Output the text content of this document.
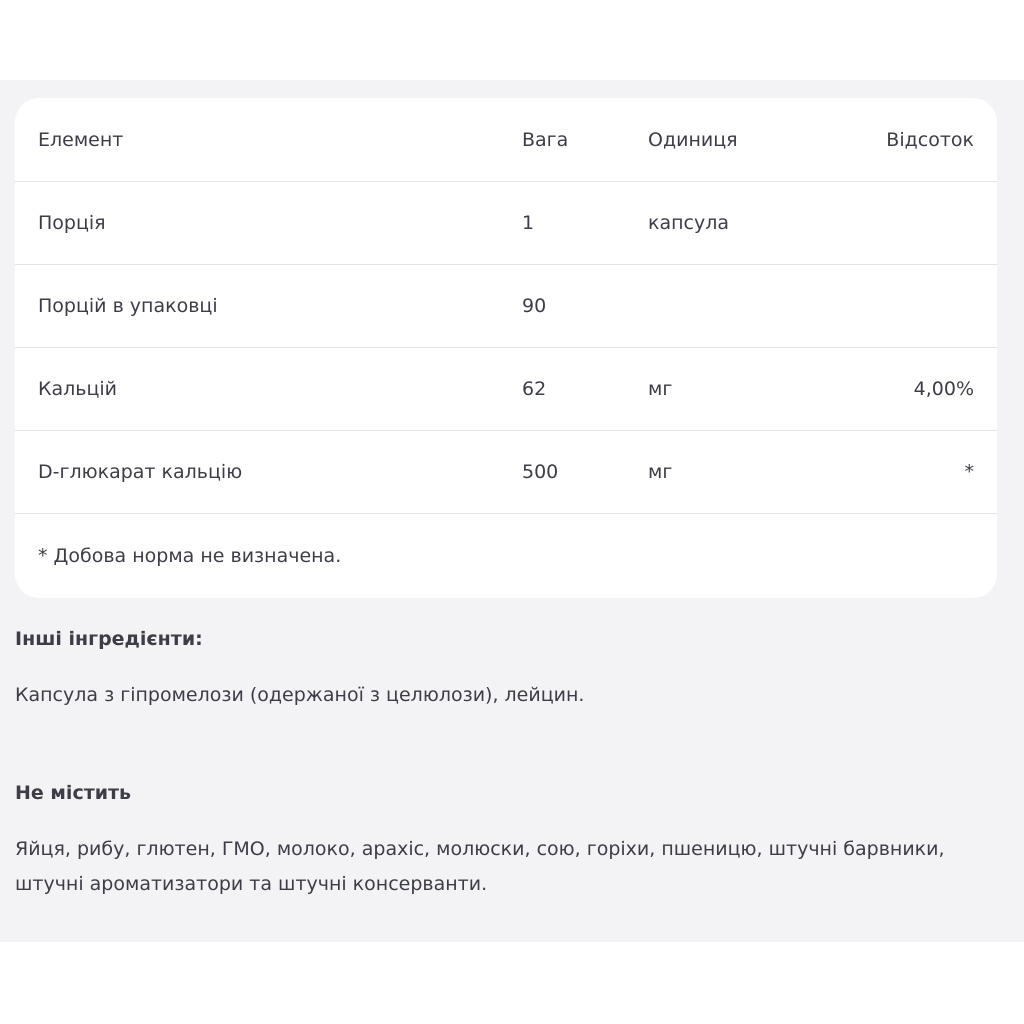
Елемент	Вага	Одиниця	Відсоток
Порція	1	капсула
Порцій в упаковці	90
Кальцій	62	мг	4,00%
D-глюкарат кальцію	500	мг	*
* Добова норма не визначена.
Інші інгредієнти:
Капсула з гіпромелози (одержаної з целюлози), лейцин.
Не містить
Яйця, рибу, глютен, ГМО, молоко, арахіс, молюски, сою, горіхи, пшеницю, штучні барвники, штучні ароматизатори та штучні консерванти.
